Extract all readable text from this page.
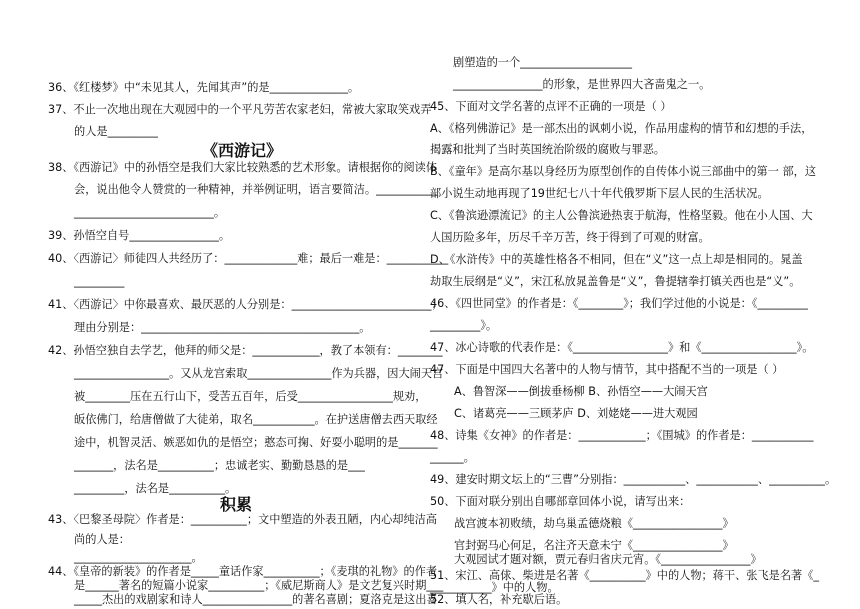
36、《红楼梦》中“未见其人，先闻其声”的是______________。
37、不止一次地出现在大观园中的一个平凡劳苦农家老妇，常被大家取笑戏弄
的人是_________
《西游记》
38、《西游记》中的孙悟空是我们大家比较熟悉的艺术形象。请根据你的阅读体
会，说出他令人赞赏的一种精神，并举例证明，语言要简洁。___________
_________________________。
39、孙悟空自号________________。
40、〈西游记〉师徒四人共经历了：_____________难；最后一难是：___________
_________
41、〈西游记〉中你最喜欢、最厌恶的人分别是：_________________________；
理由分别是：_______________________________________。
42、孙悟空独自去学艺，他拜的师父是：____________，教了本领有：________
_________________。又从龙宫索取_______________作为兵器，因大闹天宫
被________压在五行山下，受苦五百年，后受_________________规劝，
皈依佛门，给唐僧做了大徒弟，取名___________。在护送唐僧去西天取经
途中，机智灵活、嫉恶如仇的是悟空；憨态可掬、好耍小聪明的是_______
_______，法名是__________；忠诚老实、勤勤恳恳的是___
_________，法名是__________。
积累
43、〈巴黎圣母院〉作者是：__________；文中塑造的外表丑陋，内心却纯洁高
尚的人是：
_____________________。
44、《皇帝的新装》的作者是_____童话作家__________；《麦琪的礼物》的作者
是______著名的短篇小说家__________；《威尼斯商人》是文艺复兴时期___
_____杰出的戏剧家和诗人________________的著名喜剧；夏洛克是这出喜
剧塑造的一个____________________
________________的形象，是世界四大吝啬鬼之一。
45、下面对文学名著的点评不正确的一项是（ ）
A、《格列佛游记》是一部杰出的讽刺小说，作品用虚构的情节和幻想的手法，
揭露和批判了当时英国统治阶级的腐败与罪恶。
B、《童年》是高尔基以身经历为原型创作的自传体小说三部曲中的第一 部，这
部小说生动地再现了19世纪七八十年代俄罗斯下层人民的生活状况。
C、《鲁滨逊漂流记》的主人公鲁滨逊热衷于航海，性格坚毅。他在小人国、大
人国历险多年，历尽千辛万苦，终于得到了可观的财富。
D、《水浒传》中的英雄性格各不相同，但在“义”这一点上却是相同的。晁盖
劫取生辰纲是“义”，宋江私放晁盖鲁是“义”，鲁提辖拳打镇关西也是“义”。
46、《四世同堂》的作者是：《________》；我们学过他的小说是：《_________
_________》。
47、冰心诗歌的代表作是：《_________________》和《_________________》。
47、下面是中国四大名著中的人物与情节，其中搭配不当的一项是（ ）
A、鲁智深——倒拔垂杨柳 B、孙悟空——大闹天宫
C、诸葛亮——三顾茅庐 D、刘姥姥——进大观园
48、诗集《女神》的作者是：____________；《围城》的作者是：___________
______。
49、建安时期文坛上的“三曹”分别指：___________、___________、__________。
50、下面对联分别出自哪部章回体小说，请写出来：
战宫渡本初败绩，劫乌巢孟德烧粮《________________》
官封弼马心何足，名注齐天意未宁《________________》
大观园试才题对额，贾元春归省庆元宵。《________________》
51、宋江、高俅、柴进是名著《__________》中的人物；蒋干、张飞是名著《_
___________》中的人物。
52、填人名，补充歇后语。
